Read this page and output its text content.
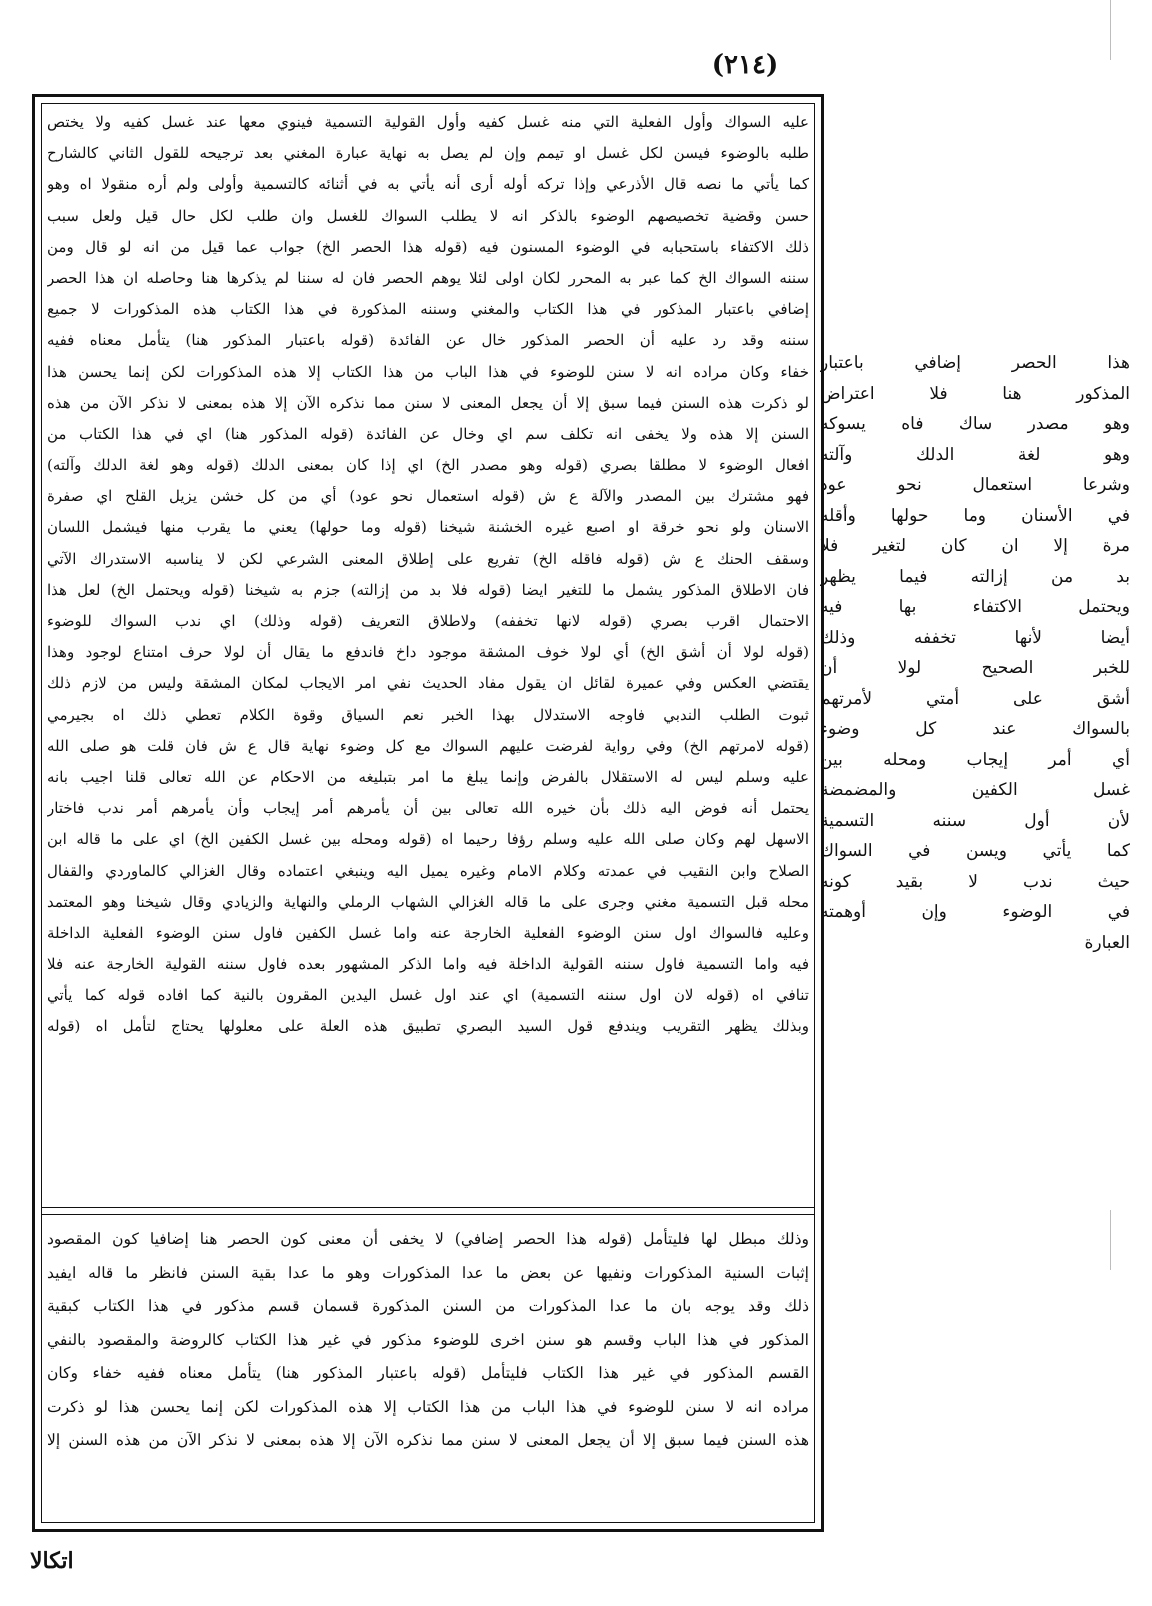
(٢١٤)
عليه السواك وأول الفعلية التي منه غسل كفيه وأول القولية التسمية فينوي معها عند غسل كفيه ولا يختص
طلبه بالوضوء فيسن لكل غسل او تيمم وإن لم يصل به نهاية عبارة المغني بعد ترجيحه للقول الثاني كالشارح
كما يأتي ما نصه قال الأذرعي وإذا تركه أوله أرى أنه يأتي به في أثنائه كالتسمية وأولى ولم أره منقولا اه وهو
حسن وقضية تخصيصهم الوضوء بالذكر انه لا يطلب السواك للغسل وان طلب لكل حال قيل ولعل سبب
ذلك الاكتفاء باستحبابه في الوضوء المسنون فيه (قوله هذا الحصر الخ) جواب عما قيل من انه لو قال ومن
سننه السواك الخ كما عبر به المحرر لكان اولى لئلا يوهم الحصر فان له سننا لم يذكرها هنا وحاصله ان هذا الحصر
إضافي باعتبار المذكور في هذا الكتاب والمغني وسننه المذكورة في هذا الكتاب هذه المذكورات لا جميع
سننه وقد رد عليه أن الحصر المذكور خال عن الفائدة (قوله باعتبار المذكور هنا) يتأمل معناه ففيه
خفاء وكان مراده انه لا سنن للوضوء في هذا الباب من هذا الكتاب إلا هذه المذكورات لكن إنما يحسن هذا
لو ذكرت هذه السنن فيما سبق إلا أن يجعل المعنى لا سنن مما نذكره الآن إلا هذه بمعنى لا نذكر الآن من هذه
السنن إلا هذه ولا يخفى انه تكلف سم اي وخال عن الفائدة (قوله المذكور هنا) اي في هذا الكتاب من
افعال الوضوء لا مطلقا بصري (قوله وهو مصدر الخ) اي إذا كان بمعنى الدلك (قوله وهو لغة الدلك وآلته)
فهو مشترك بين المصدر والآلة ع ش (قوله استعمال نحو عود) أي من كل خشن يزيل القلح اي صفرة
الاسنان ولو نحو خرقة او اصبع غيره الخشنة شيخنا (قوله وما حولها) يعني ما يقرب منها فيشمل اللسان
وسقف الحنك ع ش (قوله فاقله الخ) تفريع على إطلاق المعنى الشرعي لكن لا يناسبه الاستدراك الآتي
فان الاطلاق المذكور يشمل ما للتغير ايضا (قوله فلا بد من إزالته) جزم به شيخنا (قوله ويحتمل الخ) لعل هذا
الاحتمال اقرب بصري (قوله لانها تخففه) ولاطلاق التعريف (قوله وذلك) اي ندب السواك للوضوء
(قوله لولا أن أشق الخ) أي لولا خوف المشقة موجود داخ فاندفع ما يقال أن لولا حرف امتناع لوجود وهذا
يقتضي العكس وفي عميرة لقائل ان يقول مفاد الحديث نفي امر الايجاب لمكان المشقة وليس من لازم ذلك
ثبوت الطلب الندبي فاوجه الاستدلال بهذا الخبر نعم السياق وقوة الكلام تعطي ذلك اه بجيرمي
(قوله لامرتهم الخ) وفي رواية لفرضت عليهم السواك مع كل وضوء نهاية قال ع ش فان قلت هو صلى الله
عليه وسلم ليس له الاستقلال بالفرض وإنما يبلغ ما امر بتبليغه من الاحكام عن الله تعالى قلنا اجيب بانه
يحتمل أنه فوض اليه ذلك بأن خيره الله تعالى بين أن يأمرهم أمر إيجاب وأن يأمرهم أمر ندب فاختار
الاسهل لهم وكان صلى الله عليه وسلم رؤفا رحيما اه (قوله ومحله بين غسل الكفين الخ) اي على ما قاله ابن
الصلاح وابن النقيب في عمدته وكلام الامام وغيره يميل اليه وينبغي اعتماده وقال الغزالي كالماوردي والقفال
محله قبل التسمية مغني وجرى على ما قاله الغزالي الشهاب الرملي والنهاية والزيادي وقال شيخنا وهو المعتمد
وعليه فالسواك اول سنن الوضوء الفعلية الخارجة عنه واما غسل الكفين فاول سنن الوضوء الفعلية الداخلة
فيه واما التسمية فاول سننه القولية الداخلة فيه واما الذكر المشهور بعده فاول سننه القولية الخارجة عنه فلا
تنافي اه (قوله لان اول سننه التسمية) اي عند اول غسل اليدين المقرون بالنية كما افاده قوله كما يأتي
وبذلك يظهر التقريب ويندفع قول السيد البصري تطبيق هذه العلة على معلولها يحتاج لتأمل اه (قوله
وذلك مبطل لها فليتأمل (قوله هذا الحصر إضافي) لا يخفى أن معنى كون الحصر هنا إضافيا كون المقصود
إثبات السنية المذكورات ونفيها عن بعض ما عدا المذكورات وهو ما عدا بقية السنن فانظر ما قاله ايفيد
ذلك وقد يوجه بان ما عدا المذكورات من السنن المذكورة قسمان قسم مذكور في هذا الكتاب كبقية
المذكور في هذا الباب وقسم هو سنن اخرى للوضوء مذكور في غير هذا الكتاب كالروضة والمقصود بالنفي
القسم المذكور في غير هذا الكتاب فليتأمل (قوله باعتبار المذكور هنا) يتأمل معناه ففيه خفاء وكان
مراده انه لا سنن للوضوء في هذا الباب من هذا الكتاب إلا هذه المذكورات لكن إنما يحسن هذا لو ذكرت
هذه السنن فيما سبق إلا أن يجعل المعنى لا سنن مما نذكره الآن إلا هذه بمعنى لا نذكر الآن من هذه السنن إلا
هذا الحصر إضافي باعتبار
المذكور هنا فلا اعتراض
وهو مصدر ساك فاه يسوكه
وهو لغة الدلك وآلته
وشرعا استعمال نحو عود
في الأسنان وما حولها وأقله
مرة إلا ان كان لتغير فلا
بد من إزالته فيما يظهر
ويحتمل الاكتفاء بها فيه
أيضا لأنها تخففه وذلك
للخبر الصحيح لولا أن
أشق على أمتي لأمرتهم
بالسواك عند كل وضوء
أي أمر إيجاب ومحله بين
غسل الكفين والمضمضة
لأن أول سننه التسمية
كما يأتي ويسن في السواك
حيث ندب لا بقيد كونه
في الوضوء وإن أوهمته
العبارة
اتكالا
